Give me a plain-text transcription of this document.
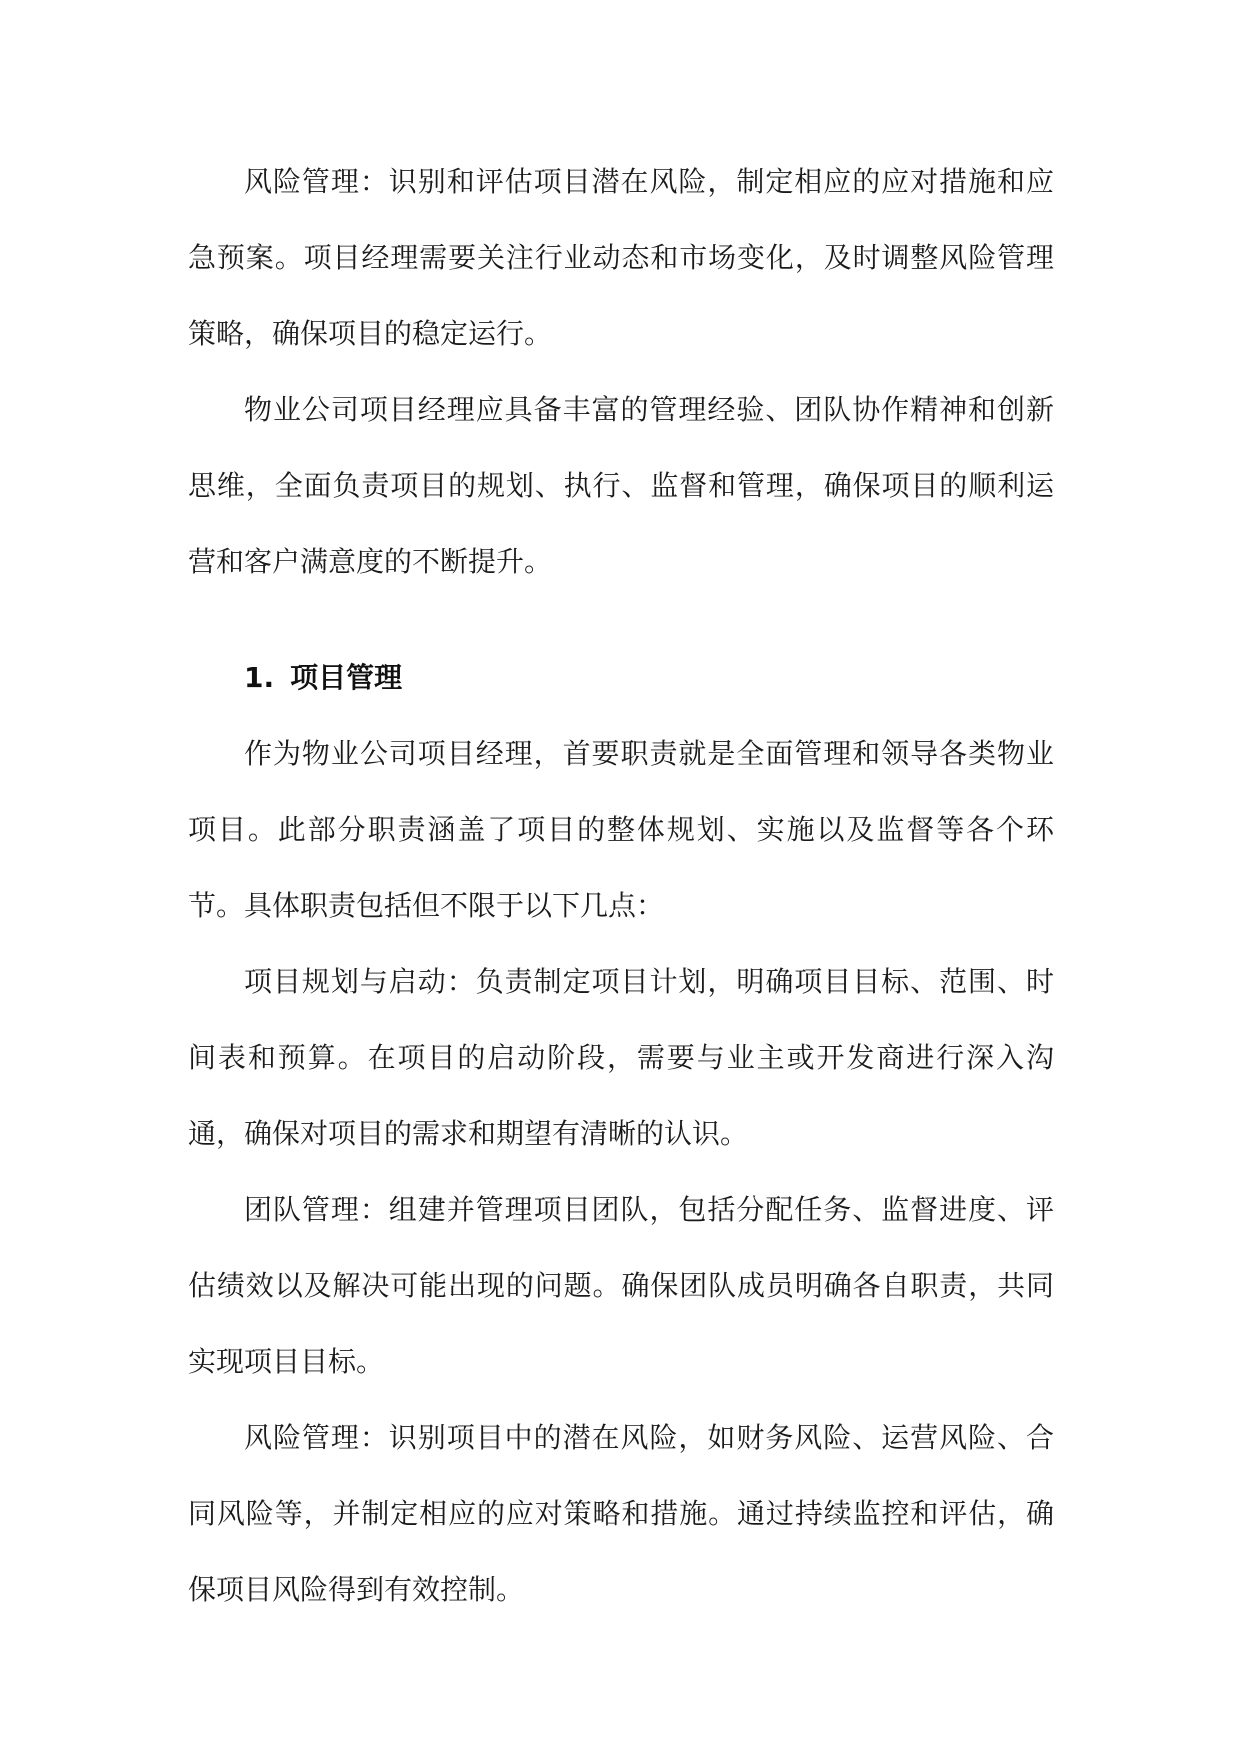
风险管理：识别和评估项目潜在风险，制定相应的应对措施和应急预案。项目经理需要关注行业动态和市场变化，及时调整风险管理策略，确保项目的稳定运行。

物业公司项目经理应具备丰富的管理经验、团队协作精神和创新思维，全面负责项目的规划、执行、监督和管理，确保项目的顺利运营和客户满意度的不断提升。

1. 项目管理

作为物业公司项目经理，首要职责就是全面管理和领导各类物业项目。此部分职责涵盖了项目的整体规划、实施以及监督等各个环节。具体职责包括但不限于以下几点：

项目规划与启动：负责制定项目计划，明确项目目标、范围、时间表和预算。在项目的启动阶段，需要与业主或开发商进行深入沟通，确保对项目的需求和期望有清晰的认识。

团队管理：组建并管理项目团队，包括分配任务、监督进度、评估绩效以及解决可能出现的问题。确保团队成员明确各自职责，共同实现项目目标。

风险管理：识别项目中的潜在风险，如财务风险、运营风险、合同风险等，并制定相应的应对策略和措施。通过持续监控和评估，确保项目风险得到有效控制。
